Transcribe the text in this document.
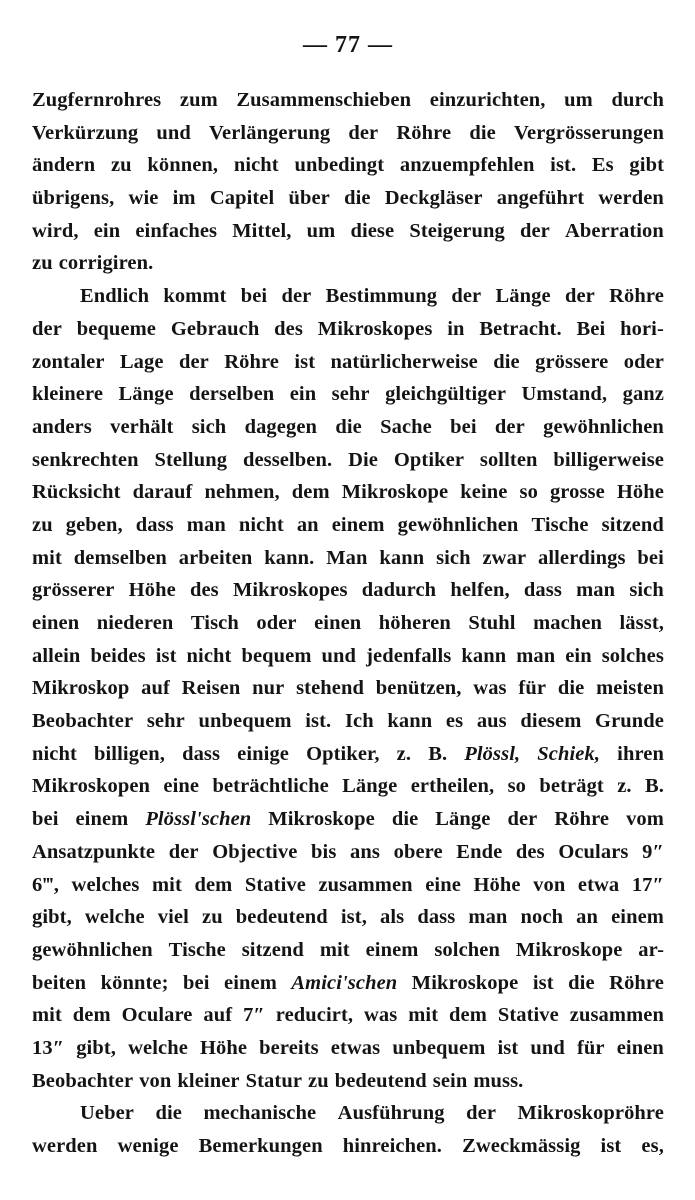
— 77 —
Zugfernrohres zum Zusammenschieben einzurichten, um durch
Verkürzung und Verlängerung der Röhre die Vergrösserungen
ändern zu können, nicht unbedingt anzuempfehlen ist. Es gibt
übrigens, wie im Capitel über die Deckgläser angeführt werden
wird, ein einfaches Mittel, um diese Steigerung der Aberration
zu corrigiren.
Endlich kommt bei der Bestimmung der Länge der Röhre
der bequeme Gebrauch des Mikroskopes in Betracht. Bei hori-
zontaler Lage der Röhre ist natürlicherweise die grössere oder
kleinere Länge derselben ein sehr gleichgültiger Umstand, ganz
anders verhält sich dagegen die Sache bei der gewöhnlichen
senkrechten Stellung desselben. Die Optiker sollten billigerweise
Rücksicht darauf nehmen, dem Mikroskope keine so grosse Höhe
zu geben, dass man nicht an einem gewöhnlichen Tische sitzend
mit demselben arbeiten kann. Man kann sich zwar allerdings bei
grösserer Höhe des Mikroskopes dadurch helfen, dass man sich
einen niederen Tisch oder einen höheren Stuhl machen lässt,
allein beides ist nicht bequem und jedenfalls kann man ein solches
Mikroskop auf Reisen nur stehend benützen, was für die meisten
Beobachter sehr unbequem ist. Ich kann es aus diesem Grunde
nicht billigen, dass einige Optiker, z. B. Plössl, Schiek, ihren
Mikroskopen eine beträchtliche Länge ertheilen, so beträgt z. B.
bei einem Plössl'schen Mikroskope die Länge der Röhre vom
Ansatzpunkte der Objective bis ans obere Ende des Oculars 9″
6‴, welches mit dem Stative zusammen eine Höhe von etwa 17″
gibt, welche viel zu bedeutend ist, als dass man noch an einem
gewöhnlichen Tische sitzend mit einem solchen Mikroskope ar-
beiten könnte; bei einem Amici'schen Mikroskope ist die Röhre
mit dem Oculare auf 7″ reducirt, was mit dem Stative zusammen
13″ gibt, welche Höhe bereits etwas unbequem ist und für einen
Beobachter von kleiner Statur zu bedeutend sein muss.
Ueber die mechanische Ausführung der Mikroskopröhre
werden wenige Bemerkungen hinreichen. Zweckmässig ist es,
